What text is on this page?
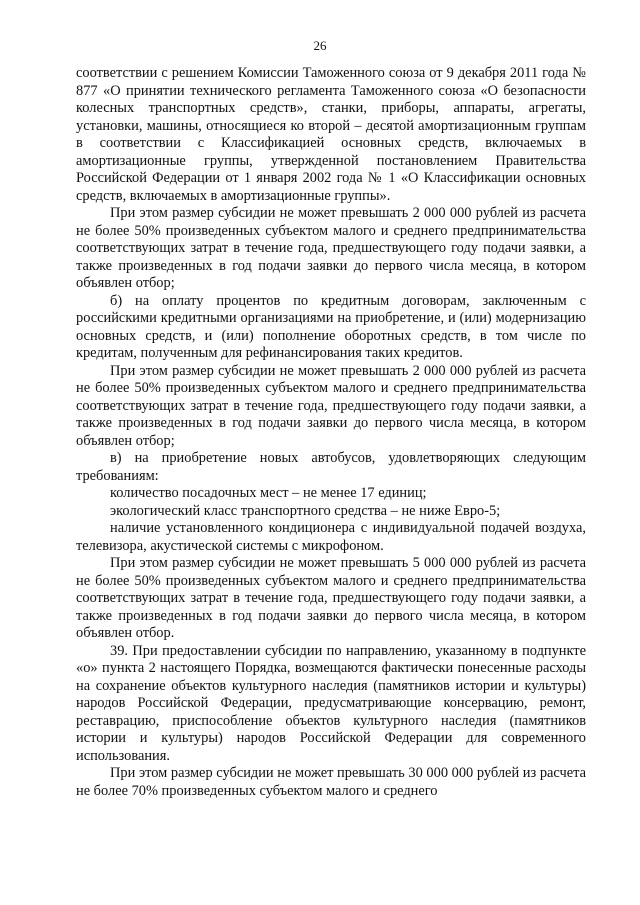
26

соответствии с решением Комиссии Таможенного союза от 9 декабря 2011 года № 877 «О принятии технического регламента Таможенного союза «О безопасности колесных транспортных средств», станки, приборы, аппараты, агрегаты, установки, машины, относящиеся ко второй – десятой амортизационным группам в соответствии с Классификацией основных средств, включаемых в амортизационные группы, утвержденной постановлением Правительства Российской Федерации от 1 января 2002 года № 1 «О Классификации основных средств, включаемых в амортизационные группы».

При этом размер субсидии не может превышать 2 000 000 рублей из расчета не более 50% произведенных субъектом малого и среднего предпринимательства соответствующих затрат в течение года, предшествующего году подачи заявки, а также произведенных в год подачи заявки до первого числа месяца, в котором объявлен отбор;

б) на оплату процентов по кредитным договорам, заключенным с российскими кредитными организациями на приобретение, и (или) модернизацию основных средств, и (или) пополнение оборотных средств, в том числе по кредитам, полученным для рефинансирования таких кредитов.

При этом размер субсидии не может превышать 2 000 000 рублей из расчета не более 50% произведенных субъектом малого и среднего предпринимательства соответствующих затрат в течение года, предшествующего году подачи заявки, а также произведенных в год подачи заявки до первого числа месяца, в котором объявлен отбор;

в) на приобретение новых автобусов, удовлетворяющих следующим требованиям:

количество посадочных мест – не менее 17 единиц;

экологический класс транспортного средства – не ниже Евро-5;

наличие установленного кондиционера с индивидуальной подачей воздуха, телевизора, акустической системы с микрофоном.

При этом размер субсидии не может превышать 5 000 000 рублей из расчета не более 50% произведенных субъектом малого и среднего предпринимательства соответствующих затрат в течение года, предшествующего году подачи заявки, а также произведенных в год подачи заявки до первого числа месяца, в котором объявлен отбор.

39. При предоставлении субсидии по направлению, указанному в подпункте «о» пункта 2 настоящего Порядка, возмещаются фактически понесенные расходы на сохранение объектов культурного наследия (памятников истории и культуры) народов Российской Федерации, предусматривающие консервацию, ремонт, реставрацию, приспособление объектов культурного наследия (памятников истории и культуры) народов Российской Федерации для современного использования.

При этом размер субсидии не может превышать 30 000 000 рублей из расчета не более 70% произведенных субъектом малого и среднего
